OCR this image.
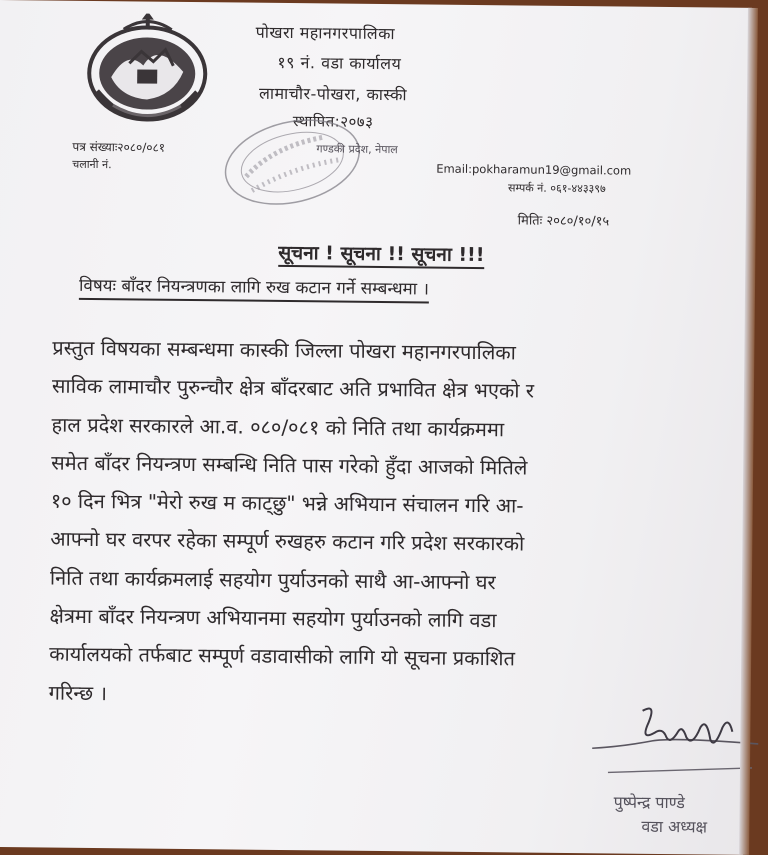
पोखरा महानगरपालिका
१९ नं. वडा कार्यालय
लामाचौर-पोखरा, कास्की
स्थापित:२०७३
गण्डकी प्रदेश, नेपाल
पत्र संख्याः२०८०/०८१
चलानी नं.	Email:pokharamun19@gmail.com
सम्पर्क नं. ०६१-४४३३९७
मितिः २०८०/१०/१५
सूचना ! सूचना !! सूचना !!!
विषयः बाँदर नियन्त्रणका लागि रुख कटान गर्ने सम्बन्धमा ।
प्रस्तुत विषयका सम्बन्धमा कास्की जिल्ला पोखरा महानगरपालिका
साविक लामाचौर पुरुन्चौर क्षेत्र बाँदरबाट अति प्रभावित क्षेत्र भएको र
हाल प्रदेश सरकारले आ.व. ०८०/०८१ को निति तथा कार्यक्रममा
समेत बाँदर नियन्त्रण सम्बन्धि निति पास गरेको हुँदा आजको मितिले
१० दिन भित्र "मेरो रुख म काट्छु" भन्ने अभियान संचालन गरि आ-
आफ्नो घर वरपर रहेका सम्पूर्ण रुखहरु कटान गरि प्रदेश सरकारको
निति तथा कार्यक्रमलाई सहयोग पुर्याउनको साथै आ-आफ्नो घर
क्षेत्रमा बाँदर नियन्त्रण अभियानमा सहयोग पुर्याउनको लागि वडा
कार्यालयको तर्फबाट सम्पूर्ण वडावासीको लागि यो सूचना प्रकाशित
गरिन्छ ।
पुष्पेन्द्र पाण्डे
वडा अध्यक्ष
